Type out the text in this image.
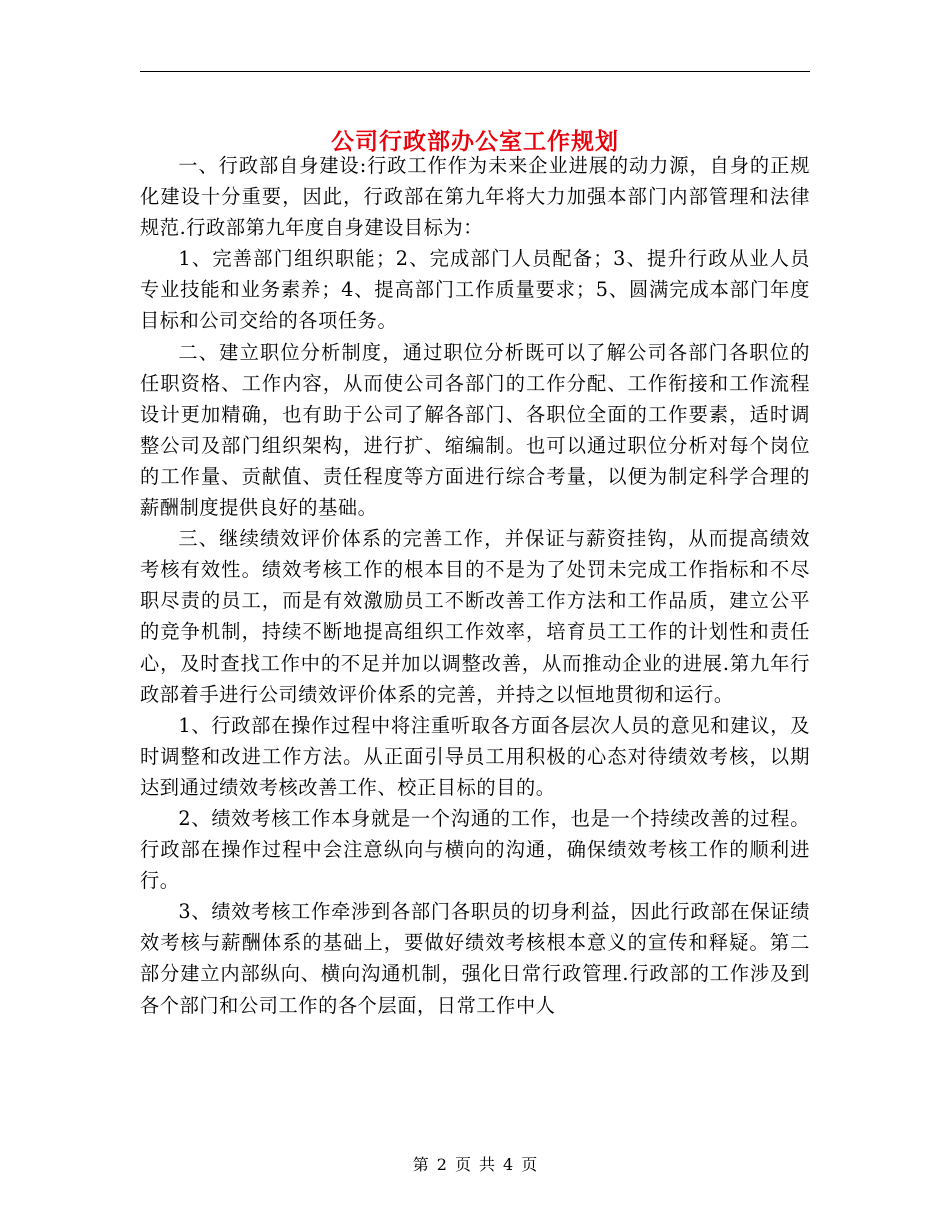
公司行政部办公室工作规划

一、行政部自身建设:行政工作作为未来企业进展的动力源，自身的正规化建设十分重要，因此，行政部在第九年将大力加强本部门内部管理和法律规范.行政部第九年度自身建设目标为：

1、完善部门组织职能；2、完成部门人员配备；3、提升行政从业人员专业技能和业务素养；4、提高部门工作质量要求；5、圆满完成本部门年度目标和公司交给的各项任务。

二、建立职位分析制度，通过职位分析既可以了解公司各部门各职位的任职资格、工作内容，从而使公司各部门的工作分配、工作衔接和工作流程设计更加精确，也有助于公司了解各部门、各职位全面的工作要素，适时调整公司及部门组织架构，进行扩、缩编制。也可以通过职位分析对每个岗位的工作量、贡献值、责任程度等方面进行综合考量，以便为制定科学合理的薪酬制度提供良好的基础。

三、继续绩效评价体系的完善工作，并保证与薪资挂钩，从而提高绩效考核有效性。绩效考核工作的根本目的不是为了处罚未完成工作指标和不尽职尽责的员工，而是有效激励员工不断改善工作方法和工作品质，建立公平的竞争机制，持续不断地提高组织工作效率，培育员工工作的计划性和责任心，及时查找工作中的不足并加以调整改善，从而推动企业的进展.第九年行政部着手进行公司绩效评价体系的完善，并持之以恒地贯彻和运行。

1、行政部在操作过程中将注重听取各方面各层次人员的意见和建议，及时调整和改进工作方法。从正面引导员工用积极的心态对待绩效考核，以期达到通过绩效考核改善工作、校正目标的目的。

2、绩效考核工作本身就是一个沟通的工作，也是一个持续改善的过程。行政部在操作过程中会注意纵向与横向的沟通，确保绩效考核工作的顺利进行。

3、绩效考核工作牵涉到各部门各职员的切身利益，因此行政部在保证绩效考核与薪酬体系的基础上，要做好绩效考核根本意义的宣传和释疑。第二部分建立内部纵向、横向沟通机制，强化日常行政管理.行政部的工作涉及到各个部门和公司工作的各个层面，日常工作中人

第 2 页 共 4 页
